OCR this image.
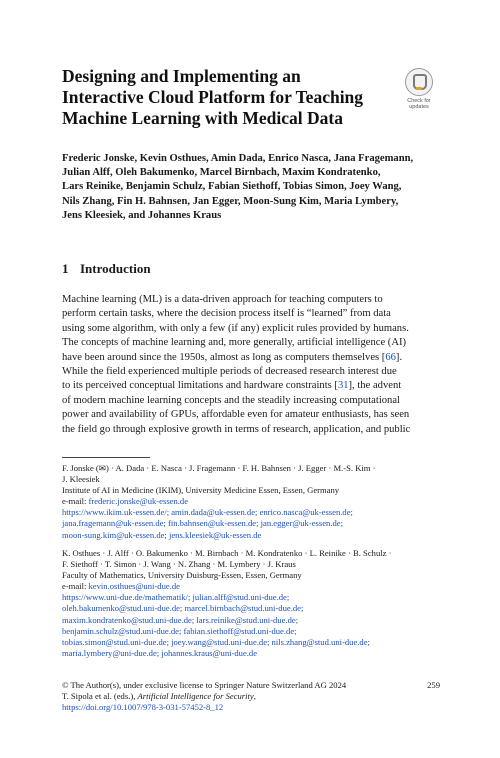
Designing and Implementing an
Interactive Cloud Platform for Teaching
Machine Learning with Medical Data
Check for
updates
Frederic Jonske, Kevin Osthues, Amin Dada, Enrico Nasca, Jana Fragemann,
Julian Alff, Oleh Bakumenko, Marcel Birnbach, Maxim Kondratenko,
Lars Reinike, Benjamin Schulz, Fabian Siethoff, Tobias Simon, Joey Wang,
Nils Zhang, Fin H. Bahnsen, Jan Egger, Moon-Sung Kim, Maria Lymbery,
Jens Kleesiek, and Johannes Kraus
1 Introduction
Machine learning (ML) is a data-driven approach for teaching computers to
perform certain tasks, where the decision process itself is “learned” from data
using some algorithm, with only a few (if any) explicit rules provided by humans.
The concepts of machine learning and, more generally, artificial intelligence (AI)
have been around since the 1950s, almost as long as computers themselves [66].
While the field experienced multiple periods of decreased research interest due
to its perceived conceptual limitations and hardware constraints [31], the advent
of modern machine learning concepts and the steadily increasing computational
power and availability of GPUs, affordable even for amateur enthusiasts, has seen
the field go through explosive growth in terms of research, application, and public
F. Jonske (✉) · A. Dada · E. Nasca · J. Fragemann · F. H. Bahnsen · J. Egger · M.-S. Kim ·
J. Kleesiek
Institute of AI in Medicine (IKIM), University Medicine Essen, Essen, Germany
e-mail: frederic.jonske@uk-essen.de
https://www.ikim.uk-essen.de/; amin.dada@uk-essen.de; enrico.nasca@uk-essen.de;
jana.fragemann@uk-essen.de; fin.bahnsen@uk-essen.de; jan.egger@uk-essen.de;
moon-sung.kim@uk-essen.de; jens.kleesiek@uk-essen.de
K. Osthues · J. Alff · O. Bakumenko · M. Birnbach · M. Kondratenko · L. Reinike · B. Schulz ·
F. Siethoff · T. Simon · J. Wang · N. Zhang · M. Lymbery · J. Kraus
Faculty of Mathematics, University Duisburg-Essen, Essen, Germany
e-mail: kevin.osthues@uni-due.de
https://www.uni-due.de/mathematik/; julian.alff@stud.uni-due.de;
oleh.bakumenko@stud.uni-due.de; marcel.birnbach@stud.uni-due.de;
maxim.kondratenko@stud.uni-due.de; lars.reinike@stud.uni-due.de;
benjamin.schulz@stud.uni-due.de; fabian.siethoff@stud.uni-due.de;
tobias.simon@stud.uni-due.de; joey.wang@stud.uni-due.de; nils.zhang@stud.uni-due.de;
maria.lymbery@uni-due.de; johannes.kraus@uni-due.de
259
© The Author(s), under exclusive license to Springer Nature Switzerland AG 2024
T. Sipola et al. (eds.), Artificial Intelligence for Security,
https://doi.org/10.1007/978-3-031-57452-8_12
